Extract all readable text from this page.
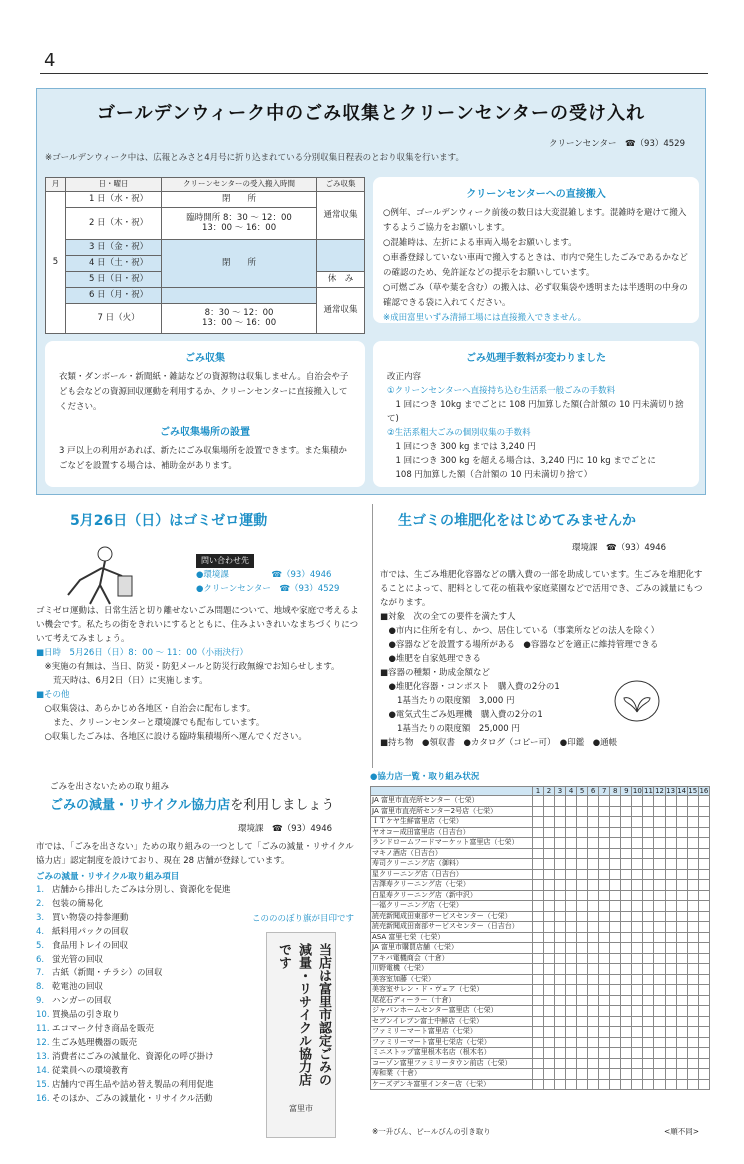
4
ゴールデンウィーク中のごみ収集とクリーンセンターの受け入れ
クリーンセンター　☎（93）4529
※ゴールデンウィーク中は、広報とみさと4月号に折り込まれている分別収集日程表のとおり収集を行います。
月	日・曜日	クリーンセンターの受入搬入時間	ごみ収集
5	1 日（水・祝）	閉　　所	通常収集
	2 日（木・祝）	臨時開所 8：30 〜 12：00
13：00 〜 16：00	
	3 日（金・祝）	閉　　所	
	4 日（土・祝）		
	5 日（日・祝）		休　み
	6 日（月・祝）		通常収集
	7 日（火）	8：30 〜 12：00
13：00 〜 16：00	
クリーンセンターへの直接搬入
○例年、ゴールデンウィーク前後の数日は大変混雑します。混雑時を避けて搬入するようご協力をお願いします。
○混雑時は、左折による車両入場をお願いします。
○車番登録していない車両で搬入するときは、市内で発生したごみであるかなどの確認のため、免許証などの提示をお願いしています。
○可燃ごみ（草や葉を含む）の搬入は、必ず収集袋や透明または半透明の中身の確認できる袋に入れてください。
※成田富里いずみ清掃工場には直接搬入できません。
ごみ収集

衣類・ダンボール・新聞紙・雑誌などの資源物は収集しません。自治会や子ども会などの資源回収運動を利用するか、クリーンセンターに直接搬入してください。

ごみ収集場所の設置

3 戸以上の利用があれば、新たにごみ収集場所を設置できます。また集積かごなどを設置する場合は、補助金があります。

ごみ処理手数料が変わりました
改正内容
①クリーンセンターへ直接持ち込む生活系一般ごみの手数料
　1 回につき 10kg までごとに 108 円加算した額(合計額の 10 円未満切り捨て)
②生活系粗大ごみの個別収集の手数料
　1 回につき 300 kg までは 3,240 円
　1 回につき 300 kg を超える場合は、3,240 円に 10 kg までごとに
　108 円加算した額（合計額の 10 円未満切り捨て）
5月26日（日）はゴミゼロ運動
問い合わせ先
●環境課　　　　　☎（93）4946
●クリーンセンター　☎（93）4529

ゴミゼロ運動は、日常生活と切り離せないごみ問題について、地域や家庭で考えるよい機会です。私たちの街をきれいにするとともに、住みよいきれいなまちづくりについて考えてみましょう。

■日時　5月26日（日）8：00 〜 11：00（小雨決行）
　※実施の有無は、当日、防災・防犯メールと防災行政無線でお知らせします。
　　荒天時は、6月2日（日）に実施します。
■その他
　○収集袋は、あらかじめ各地区・自治会に配布します。
　　また、クリーンセンターと環境課でも配布しています。
　○収集したごみは、各地区に設ける臨時集積場所へ運んでください。
生ゴミの堆肥化をはじめてみませんか
環境課　☎（93）4946

市では、生ごみ堆肥化容器などの購入費の一部を助成しています。生ごみを堆肥化することによって、肥料として花の植栽や家庭菜園などで活用でき、ごみの減量にもつながります。

■対象　次の全ての要件を満たす人
　●市内に住所を有し、かつ、居住している（事業所などの法人を除く）
　●容器などを設置する場所がある　●容器などを適正に維持管理できる
　●堆肥を自家処理できる
■容器の種類・助成金額など
　●堆肥化容器・コンポスト　購入費の2分の1
　　1基当たりの限度額　3,000 円
　●電気式生ごみ処理機　購入費の2分の1
　　1基当たりの限度額　25,000 円
■持ち物　●領収書　●カタログ（コピー可）　●印鑑　●通帳
ごみを出さないための取り組み
ごみの減量・リサイクル協力店を利用しましょう
環境課　☎（93）4946
市では、「ごみを出さない」ための取り組みの一つとして「ごみの減量・リサイクル協力店」認定制度を設けており、現在 28 店舗が登録しています。
ごみの減量・リサイクル取り組み項目
1. 店舗から排出したごみは分別し、資源化を促進
2. 包装の簡易化
3. 買い物袋の持参運動
4. 紙料用パックの回収
5. 食品用トレイの回収
6. 蛍光管の回収
7. 古紙（新聞・チラシ）の回収
8. 乾電池の回収
9. ハンガーの回収
10. 買換品の引き取り
11. エコマーク付き商品を販売
12. 生ごみ処理機器の販売
13. 消費者にごみの減量化、資源化の呼び掛け
14. 従業員への環境教育
15. 店舗内で再生品や詰め替え製品の利用促進
16. そのほか、ごみの減量化・リサイクル活動
このののぼり旗が目印です
当店は富里市認定ごみの減量・リサイクル協力店です
富里市
●協力店一覧・取り組み状況
	1	2	3	4	5	6	7	8	9	10	11	12	13	14	15	16
JA 富里市直売所センター（七栄）																
JA 富里市直売所センター2号店（七栄）																
ＩＴケヤ生鮮富里店（七栄）																
ヤオコー成田富里店（日吉台）																
ランドロームフードマーケット富里店（七栄）																
マキノ酒店（日吉台）																
寿司クリーニング店（御料）																
星クリーニング店（日吉台）																
吉澤寿クリーニング店（七栄）																
白星寿クリーニング店（新中沢）																
一福クリーニング店（七栄）																
読売新聞成田東部サービスセンター（七栄）																
読売新聞成田南部サービスセンター（日吉台）																
ASA 富里七栄（七栄）																
JA 富里市購買店舗（七栄）																
アキバ電機商会（十倉）																
川野電機（七栄）																
美容室加藤（七栄）																
美容室サレン・ド・ヴェア（七栄）																
尾花石ディーラー（十倉）																
ジャパンホームセンター富里店（七栄）																
セブンイレブン富士中鮮店（七栄）																
ファミリーマート富里店（七栄）																
ファミリーマート富里七栄店（七栄）																
ミニストップ富里根木名店（根木名）																
コーゾン富里ファミリータウン前店（七栄）																
寿和業（十倉）																
ケーズデンキ富里インター店（七栄）																
※一升びん、ビールびんの引き取り	<順不同>
